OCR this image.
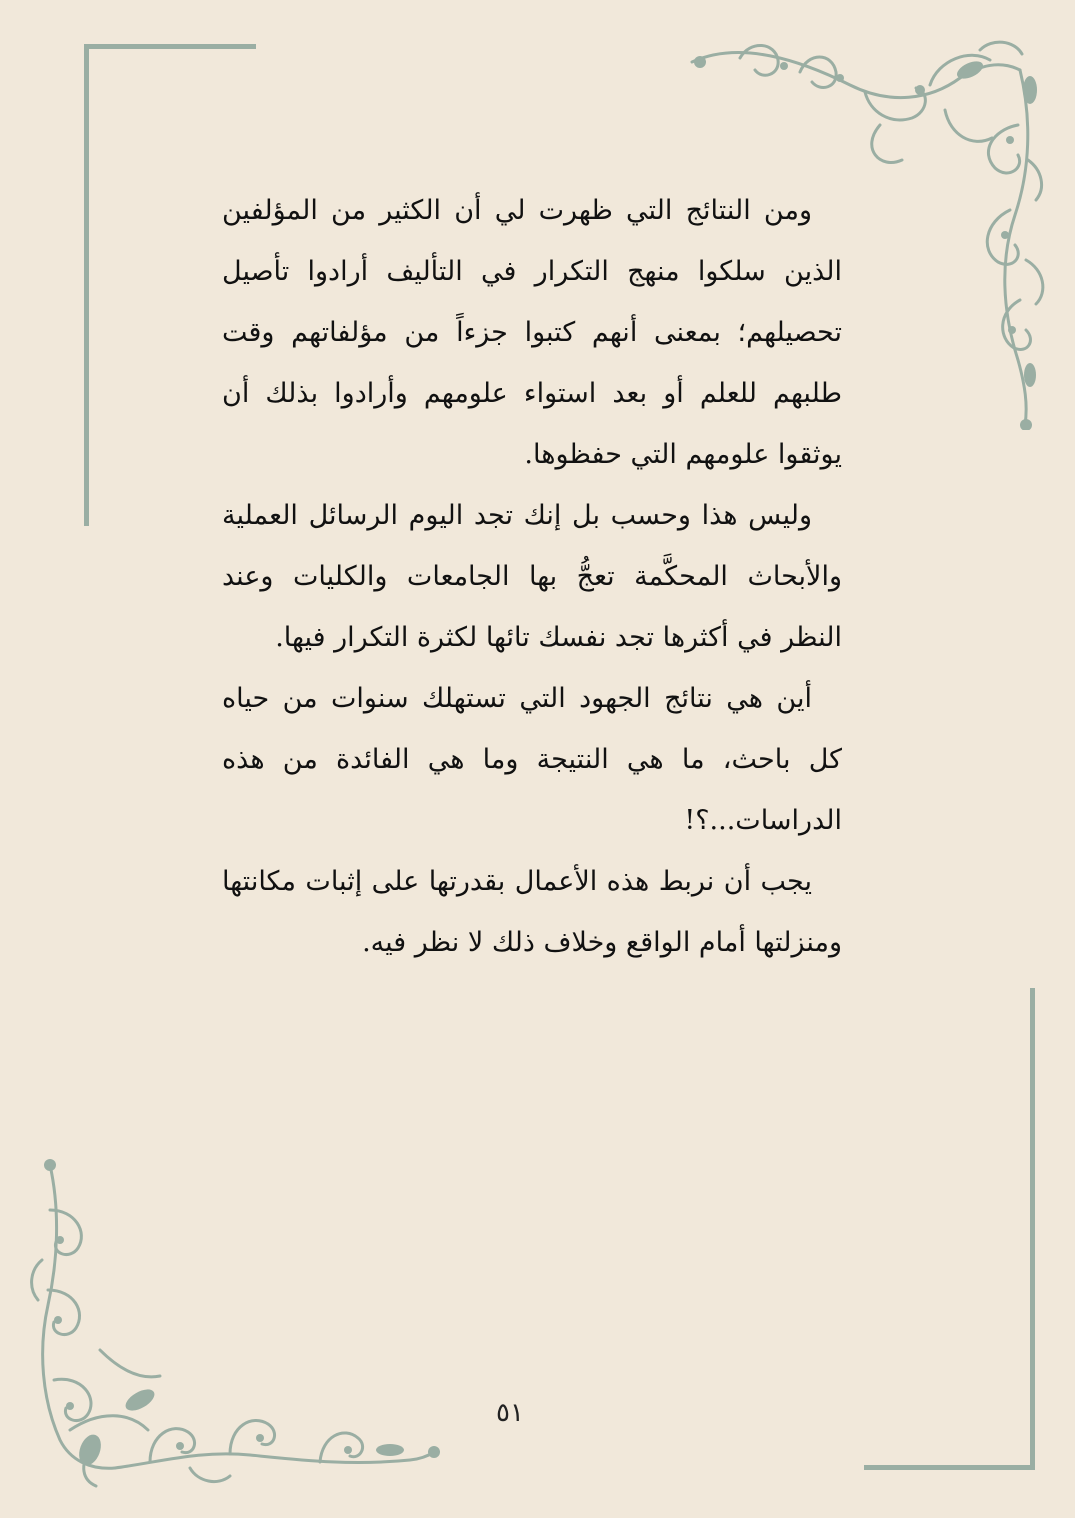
ومن النتائج التي ظهرت لي أن الكثير من المؤلفين الذين سلكوا منهج التكرار في التأليف أرادوا تأصيل تحصيلهم؛ بمعنى أنهم كتبوا جزءاً من مؤلفاتهم وقت طلبهم للعلم أو بعد استواء علومهم وأرادوا بذلك أن يوثقوا علومهم التي حفظوها.

وليس هذا وحسب بل إنك تجد اليوم الرسائل العملية والأبحاث المحكَّمة تعجُّ بها الجامعات والكليات وعند النظر في أكثرها تجد نفسك تائها لكثرة التكرار فيها.

أين هي نتائج الجهود التي تستهلك سنوات من حياه كل باحث، ما هي النتيجة وما هي الفائدة من هذه الدراسات...؟!

يجب أن نربط هذه الأعمال بقدرتها على إثبات مكانتها ومنزلتها أمام الواقع وخلاف ذلك لا نظر فيه.

٥١
